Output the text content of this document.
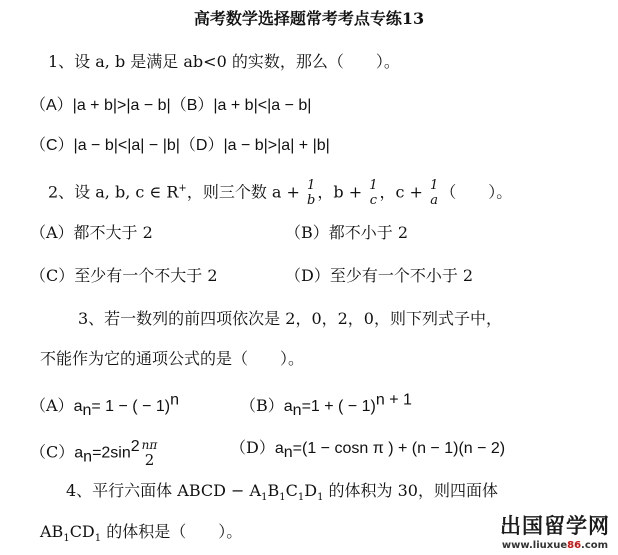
高考数学选择题常考考点专练13
1、设 a, b 是满足 ab<0 的实数，那么（　　）。
（A）|a + b|>|a − b|（B）|a + b|<|a − b|
（C）|a − b|<|a| − |b|（D）|a − b|>|a| + |b|
2、设 a, b, c ∈ R+，则三个数 a + 1
b ，b + 1
c ，c + 1
a （　　）。
（A）都不大于 2	（B）都不小于 2
（C）至少有一个不大于 2	（D）至少有一个不小于 2
3、若一数列的前四项依次是 2，0，2，0，则下列式子中，
不能作为它的通项公式的是（　　）。
$(A)a_n= 1$ − ( − 1)$^n$	$(B)a_n=1$ + ( − 1)$^{n + 1}$
$(C)a_n=2\sin^2$ nπ
2
$(D)a_n=(1 - \cos n$ π ) + (n − 1)(n − 2)
4、平行六面体 ABCD − $A_1B_1C_1D_1$ 的体积为 30，则四面体
$AB_1CD_1$ 的体积是（　　）。	出国留学网
www.liuxue86.com
